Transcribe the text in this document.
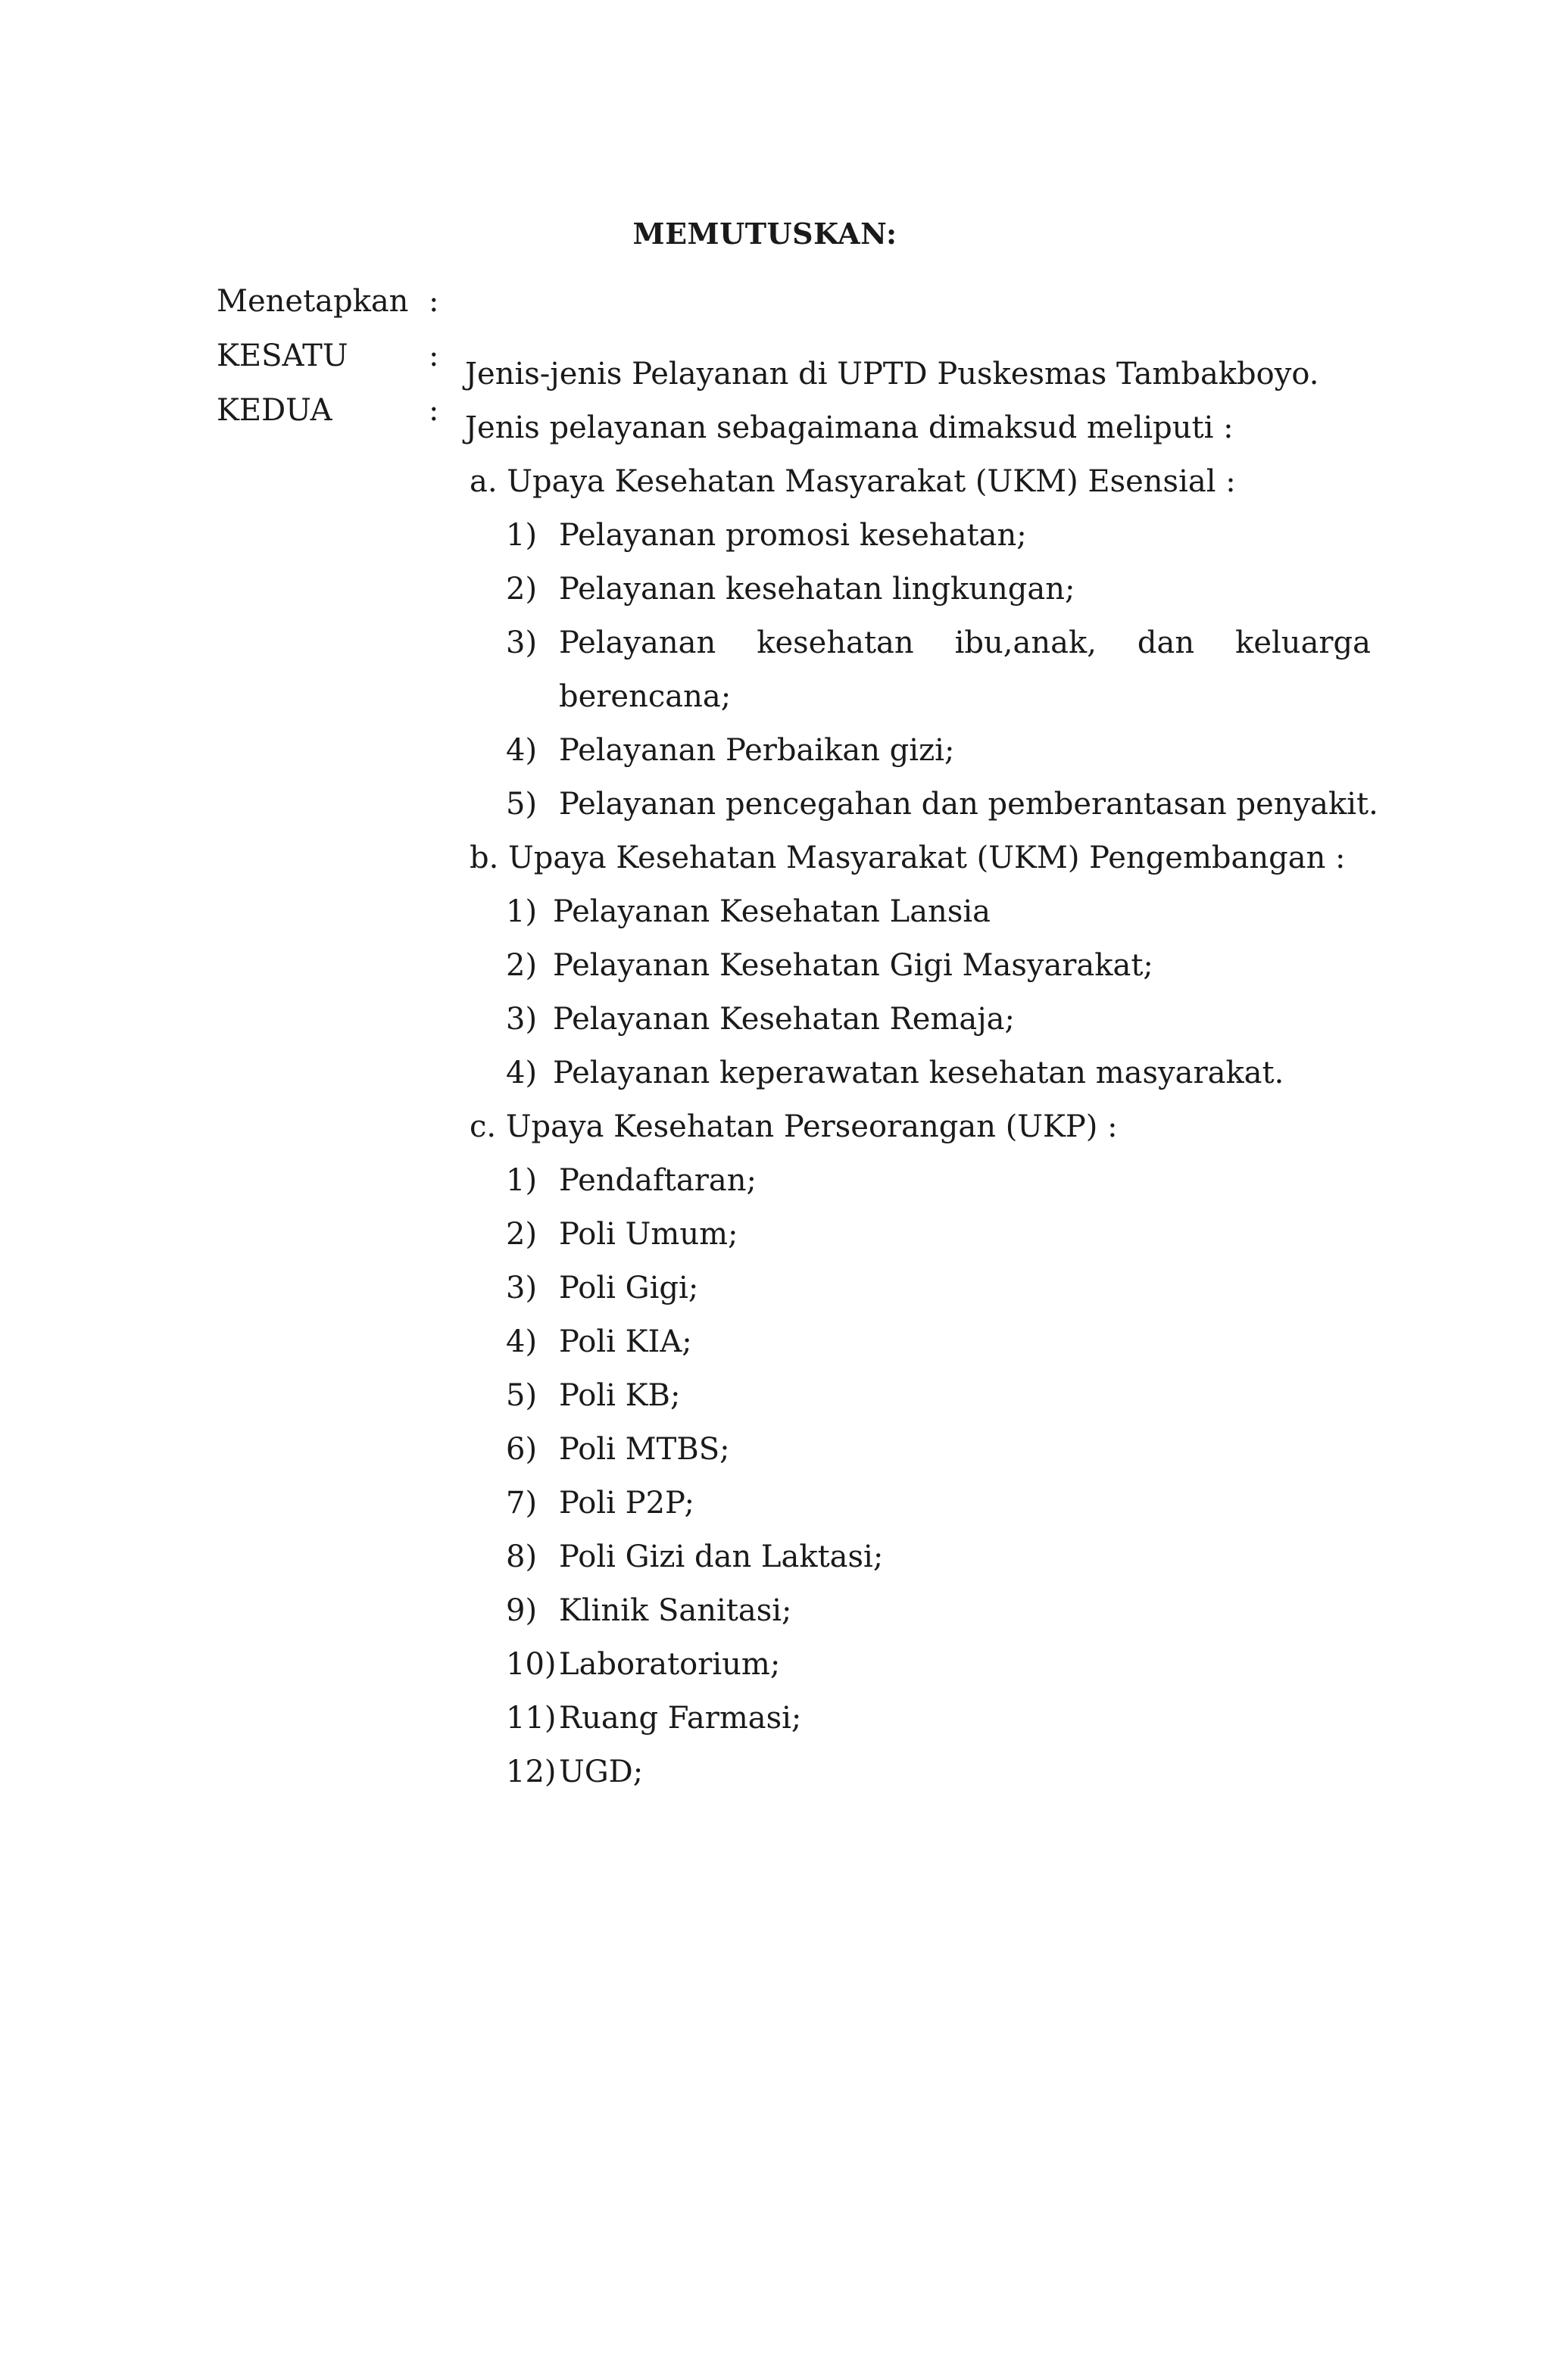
MEMUTUSKAN:
Menetapkan :
KESATU	:
KEDUA	:
Jenis-jenis Pelayanan di UPTD Puskesmas Tambakboyo.
Jenis pelayanan sebagaimana dimaksud meliputi :
a. Upaya Kesehatan Masyarakat (UKM) Esensial :
1) Pelayanan promosi kesehatan;
2) Pelayanan kesehatan lingkungan;
3) Pelayanan kesehatan ibu,anak, dan keluarga
berencana;
4) Pelayanan Perbaikan gizi;
5) Pelayanan pencegahan dan pemberantasan penyakit.
b. Upaya Kesehatan Masyarakat (UKM) Pengembangan :
1) Pelayanan Kesehatan Lansia
2) Pelayanan Kesehatan Gigi Masyarakat;
3) Pelayanan Kesehatan Remaja;
4) Pelayanan keperawatan kesehatan masyarakat.
c. Upaya Kesehatan Perseorangan (UKP) :
1) Pendaftaran;
2) Poli Umum;
3) Poli Gigi;
4) Poli KIA;
5) Poli KB;
6) Poli MTBS;
7) Poli P2P;
8) Poli Gizi dan Laktasi;
9) Klinik Sanitasi;
10) Laboratorium;
11) Ruang Farmasi;
12) UGD;
